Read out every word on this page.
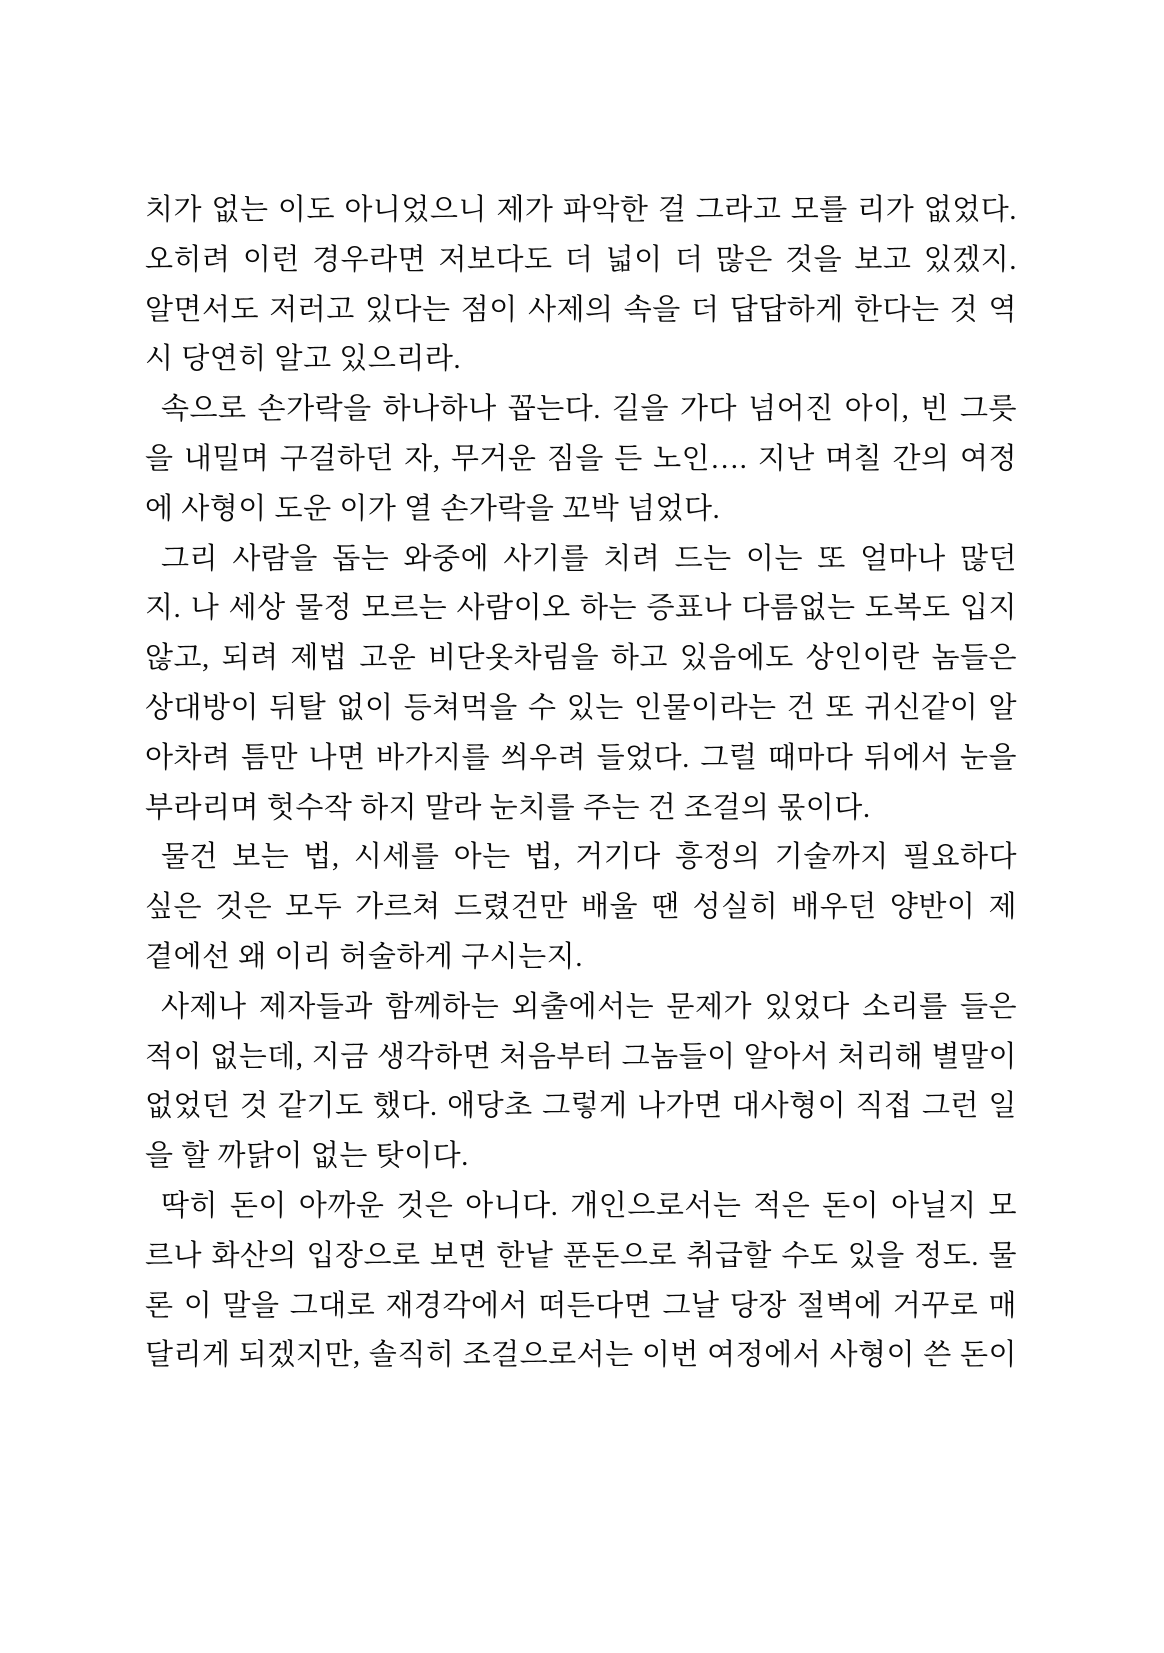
치가 없는 이도 아니었으니 제가 파악한 걸 그라고 모를 리가 없었다.
오히려 이런 경우라면 저보다도 더 넓이 더 많은 것을 보고 있겠지.
알면서도 저러고 있다는 점이 사제의 속을 더 답답하게 한다는 것 역
시 당연히 알고 있으리라.
속으로 손가락을 하나하나 꼽는다. 길을 가다 넘어진 아이, 빈 그릇
을 내밀며 구걸하던 자, 무거운 짐을 든 노인…. 지난 며칠 간의 여정
에 사형이 도운 이가 열 손가락을 꼬박 넘었다.
그리 사람을 돕는 와중에 사기를 치려 드는 이는 또 얼마나 많던
지. 나 세상 물정 모르는 사람이오 하는 증표나 다름없는 도복도 입지
않고, 되려 제법 고운 비단옷차림을 하고 있음에도 상인이란 놈들은
상대방이 뒤탈 없이 등쳐먹을 수 있는 인물이라는 건 또 귀신같이 알
아차려 틈만 나면 바가지를 씌우려 들었다. 그럴 때마다 뒤에서 눈을
부라리며 헛수작 하지 말라 눈치를 주는 건 조걸의 몫이다.
물건 보는 법, 시세를 아는 법, 거기다 흥정의 기술까지 필요하다
싶은 것은 모두 가르쳐 드렸건만 배울 땐 성실히 배우던 양반이 제
곁에선 왜 이리 허술하게 구시는지.
사제나 제자들과 함께하는 외출에서는 문제가 있었다 소리를 들은
적이 없는데, 지금 생각하면 처음부터 그놈들이 알아서 처리해 별말이
없었던 것 같기도 했다. 애당초 그렇게 나가면 대사형이 직접 그런 일
을 할 까닭이 없는 탓이다.
딱히 돈이 아까운 것은 아니다. 개인으로서는 적은 돈이 아닐지 모
르나 화산의 입장으로 보면 한낱 푼돈으로 취급할 수도 있을 정도. 물
론 이 말을 그대로 재경각에서 떠든다면 그날 당장 절벽에 거꾸로 매
달리게 되겠지만, 솔직히 조걸으로서는 이번 여정에서 사형이 쓴 돈이
